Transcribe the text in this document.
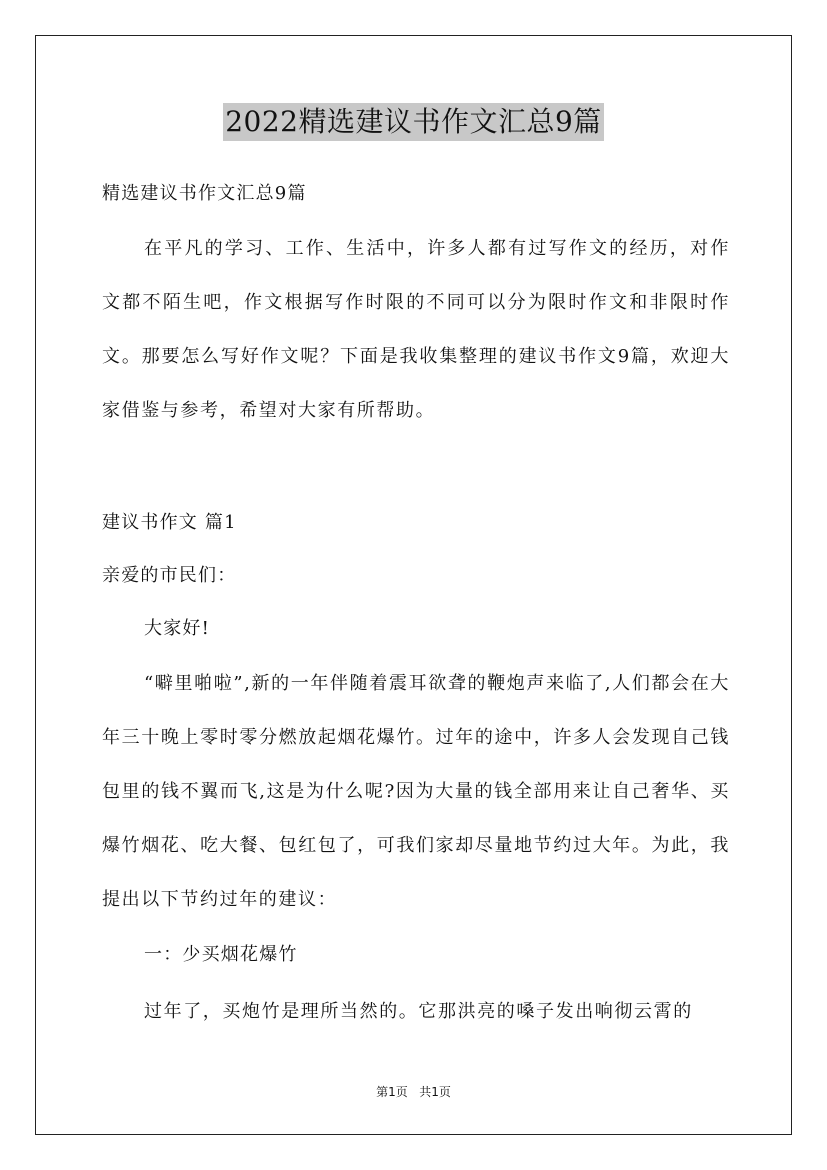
2022精选建议书作文汇总9篇
精选建议书作文汇总9篇
在平凡的学习、工作、生活中，许多人都有过写作文的经历，对作文都不陌生吧，作文根据写作时限的不同可以分为限时作文和非限时作文。那要怎么写好作文呢？下面是我收集整理的建议书作文9篇，欢迎大家借鉴与参考，希望对大家有所帮助。
建议书作文 篇1
亲爱的市民们：
大家好!
“噼里啪啦”,新的一年伴随着震耳欲聋的鞭炮声来临了,人们都会在大年三十晚上零时零分燃放起烟花爆竹。过年的途中，许多人会发现自己钱包里的钱不翼而飞,这是为什么呢?因为大量的钱全部用来让自己奢华、买爆竹烟花、吃大餐、包红包了，可我们家却尽量地节约过大年。为此，我提出以下节约过年的建议：
一：少买烟花爆竹
过年了，买炮竹是理所当然的。它那洪亮的嗓子发出响彻云霄的
第1页 共1页
